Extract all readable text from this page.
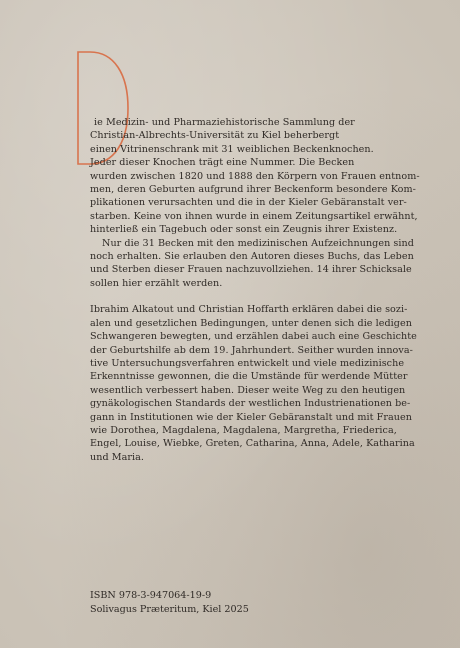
ie Medizin- und Pharmaziehistorische Sammlung der
Christian-Albrechts-Universität zu Kiel beherbergt
einen Vitrinenschrank mit 31 weiblichen Beckenknochen.
Jeder dieser Knochen trägt eine Nummer. Die Becken
wurden zwischen 1820 und 1888 den Körpern von Frauen entnom-
men, deren Geburten aufgrund ihrer Beckenform besondere Kom-
plikationen verursachten und die in der Kieler Gebäranstalt ver-
starben. Keine von ihnen wurde in einem Zeitungsartikel erwähnt,
hinterließ ein Tagebuch oder sonst ein Zeugnis ihrer Existenz.

Nur die 31 Becken mit den medizinischen Aufzeichnungen sind
noch erhalten. Sie erlauben den Autoren dieses Buchs, das Leben
und Sterben dieser Frauen nachzuvollziehen. 14 ihrer Schicksale
sollen hier erzählt werden.

Ibrahim Alkatout und Christian Hoffarth erklären dabei die sozi-
alen und gesetzlichen Bedingungen, unter denen sich die ledigen
Schwangeren bewegten, und erzählen dabei auch eine Geschichte
der Geburtshilfe ab dem 19. Jahrhundert. Seither wurden innova-
tive Untersuchungsverfahren entwickelt und viele medizinische
Erkenntnisse gewonnen, die die Umstände für werdende Mütter
wesentlich verbessert haben. Dieser weite Weg zu den heutigen
gynäkologischen Standards der westlichen Industrienationen be-
gann in Institutionen wie der Kieler Gebäranstalt und mit Frauen
wie Dorothea, Magdalena, Magdalena, Margretha, Friederica,
Engel, Louise, Wiebke, Greten, Catharina, Anna, Adele, Katharina
und Maria.

ISBN 978-3-947064-19-9
Solivagus Præteritum, Kiel 2025
